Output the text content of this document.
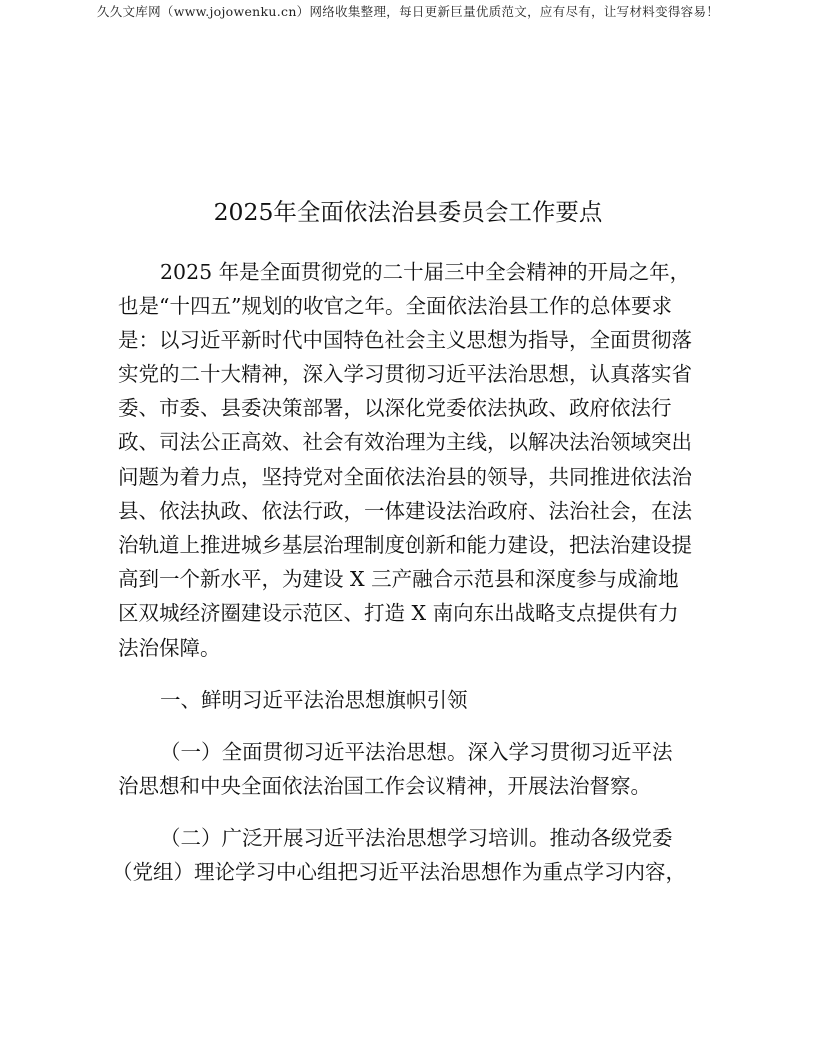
久久文库网（www.jojowenku.cn）网络收集整理，每日更新巨量优质范文，应有尽有，让写材料变得容易！
2025年全面依法治县委员会工作要点
2025 年是全面贯彻党的二十届三中全会精神的开局之年，
也是“十四五”规划的收官之年。全面依法治县工作的总体要求
是：以习近平新时代中国特色社会主义思想为指导，全面贯彻落
实党的二十大精神，深入学习贯彻习近平法治思想，认真落实省
委、市委、县委决策部署，以深化党委依法执政、政府依法行
政、司法公正高效、社会有效治理为主线，以解决法治领域突出
问题为着力点，坚持党对全面依法治县的领导，共同推进依法治
县、依法执政、依法行政，一体建设法治政府、法治社会，在法
治轨道上推进城乡基层治理制度创新和能力建设，把法治建设提
高到一个新水平，为建设 X 三产融合示范县和深度参与成渝地
区双城经济圈建设示范区、打造 X 南向东出战略支点提供有力
法治保障。
一、鲜明习近平法治思想旗帜引领
（一）全面贯彻习近平法治思想。深入学习贯彻习近平法
治思想和中央全面依法治国工作会议精神，开展法治督察。
（二）广泛开展习近平法治思想学习培训。推动各级党委
（党组）理论学习中心组把习近平法治思想作为重点学习内容，
